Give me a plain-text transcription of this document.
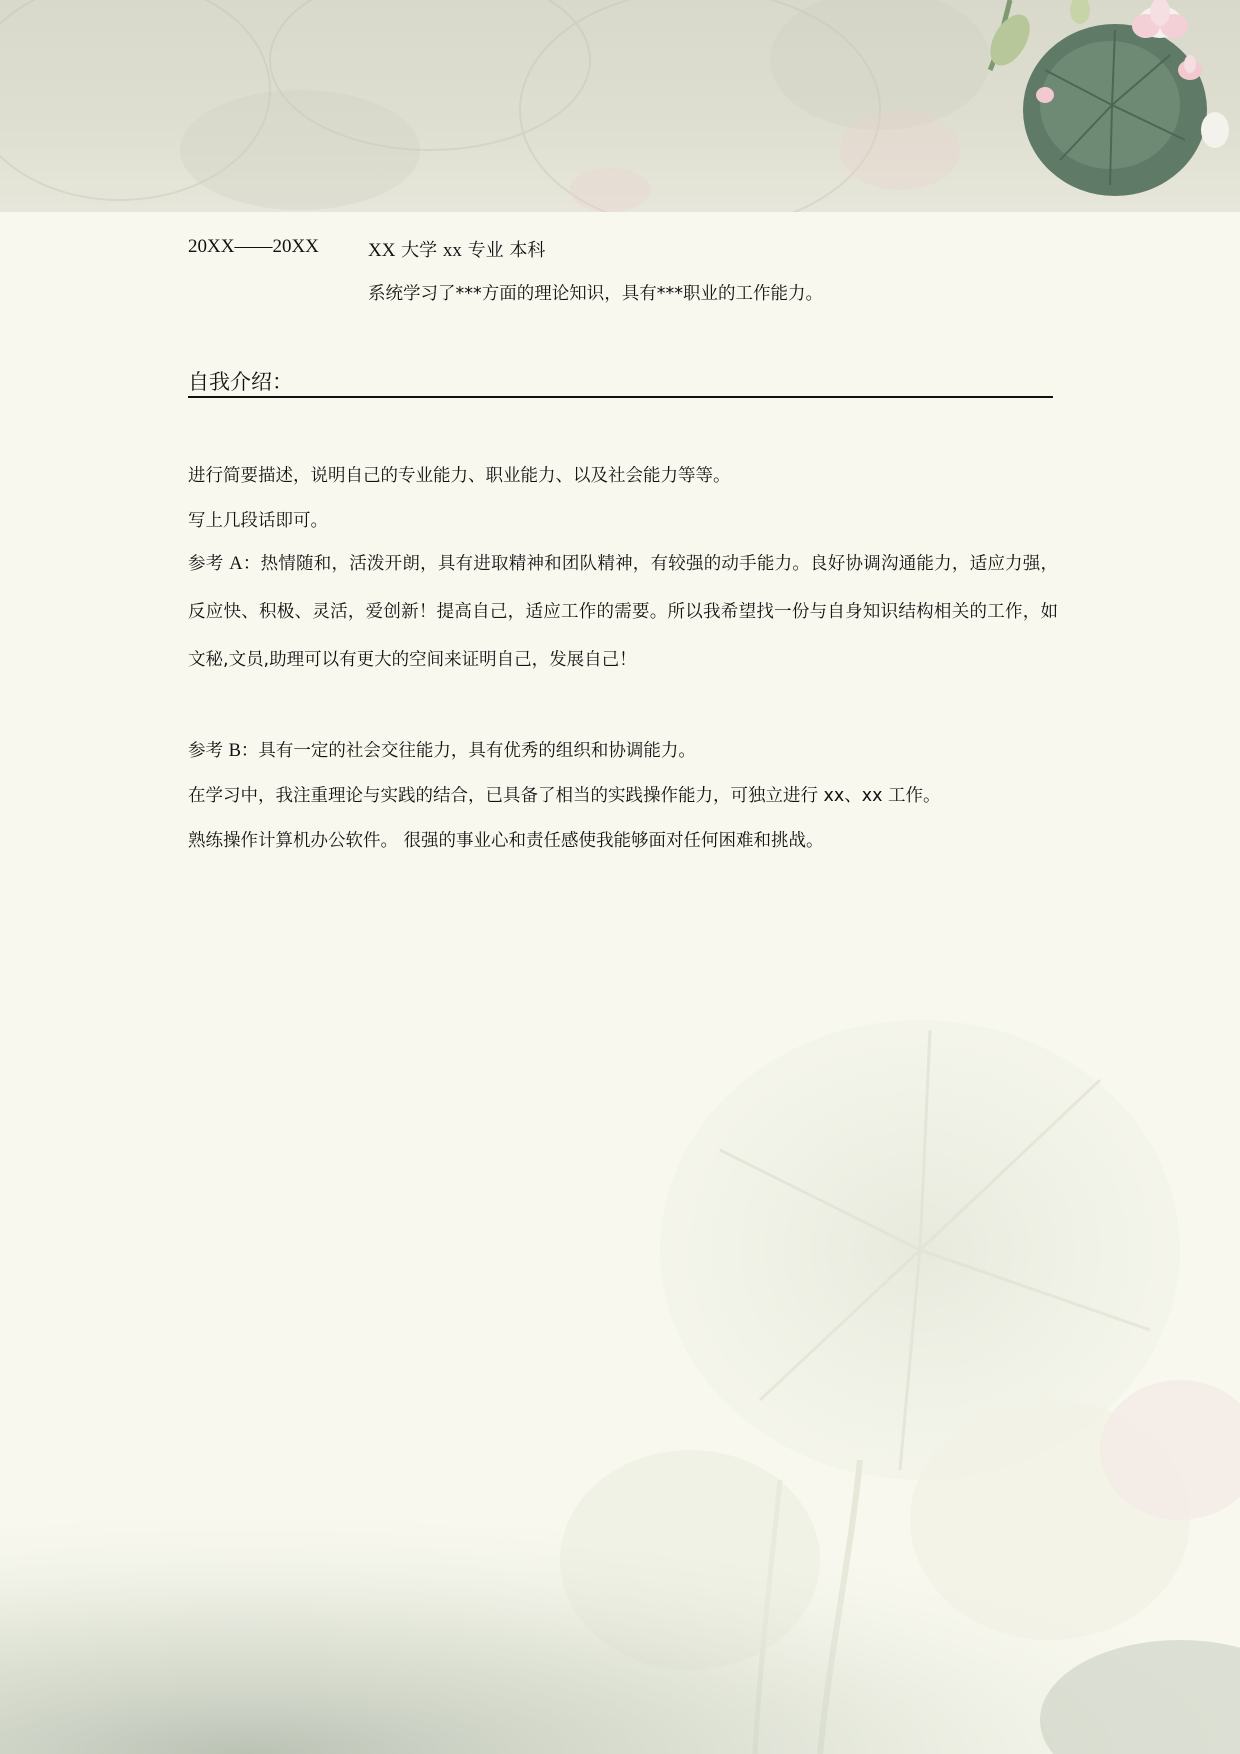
20XX——20XX	XX 大学 xx 专业 本科
系统学习了***方面的理论知识，具有***职业的工作能力。
自我介绍：
进行简要描述，说明自己的专业能力、职业能力、以及社会能力等等。
写上几段话即可。
参考 A：热情随和，活泼开朗，具有进取精神和团队精神，有较强的动手能力。良好协调沟通能力，适应力强，反应快、积极、灵活，爱创新！提高自己，适应工作的需要。所以我希望找一份与自身知识结构相关的工作，如文秘,文员,助理可以有更大的空间来证明自己，发展自己！
参考 B：具有一定的社会交往能力，具有优秀的组织和协调能力。
在学习中，我注重理论与实践的结合，已具备了相当的实践操作能力，可独立进行 xx、xx 工作。
熟练操作计算机办公软件。 很强的事业心和责任感使我能够面对任何困难和挑战。
